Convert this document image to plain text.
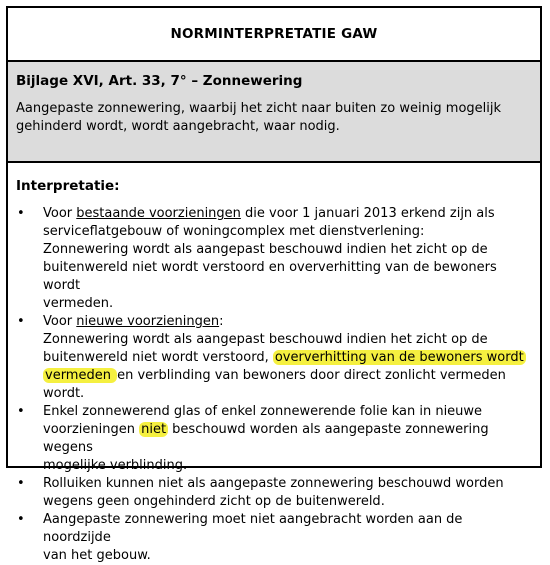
NORMINTERPRETATIE GAW
Bijlage XVI, Art. 33, 7° – Zonnewering
Aangepaste zonnewering, waarbij het zicht naar buiten zo weinig mogelijk
gehinderd wordt, wordt aangebracht, waar nodig.
Interpretatie:
• Voor bestaande voorzieningen die voor 1 januari 2013 erkend zijn als
serviceflatgebouw of woningcomplex met dienstverlening:
Zonnewering wordt als aangepast beschouwd indien het zicht op de
buitenwereld niet wordt verstoord en oververhitting van de bewoners wordt
vermeden.
• Voor nieuwe voorzieningen:
Zonnewering wordt als aangepast beschouwd indien het zicht op de
buitenwereld niet wordt verstoord, oververhitting van de bewoners wordt
vermeden en verblinding van bewoners door direct zonlicht vermeden wordt.
• Enkel zonnewerend glas of enkel zonnewerende folie kan in nieuwe
voorzieningen niet beschouwd worden als aangepaste zonnewering wegens
mogelijke verblinding.
• Rolluiken kunnen niet als aangepaste zonnewering beschouwd worden
wegens geen ongehinderd zicht op de buitenwereld.
• Aangepaste zonnewering moet niet aangebracht worden aan de noordzijde
van het gebouw.
